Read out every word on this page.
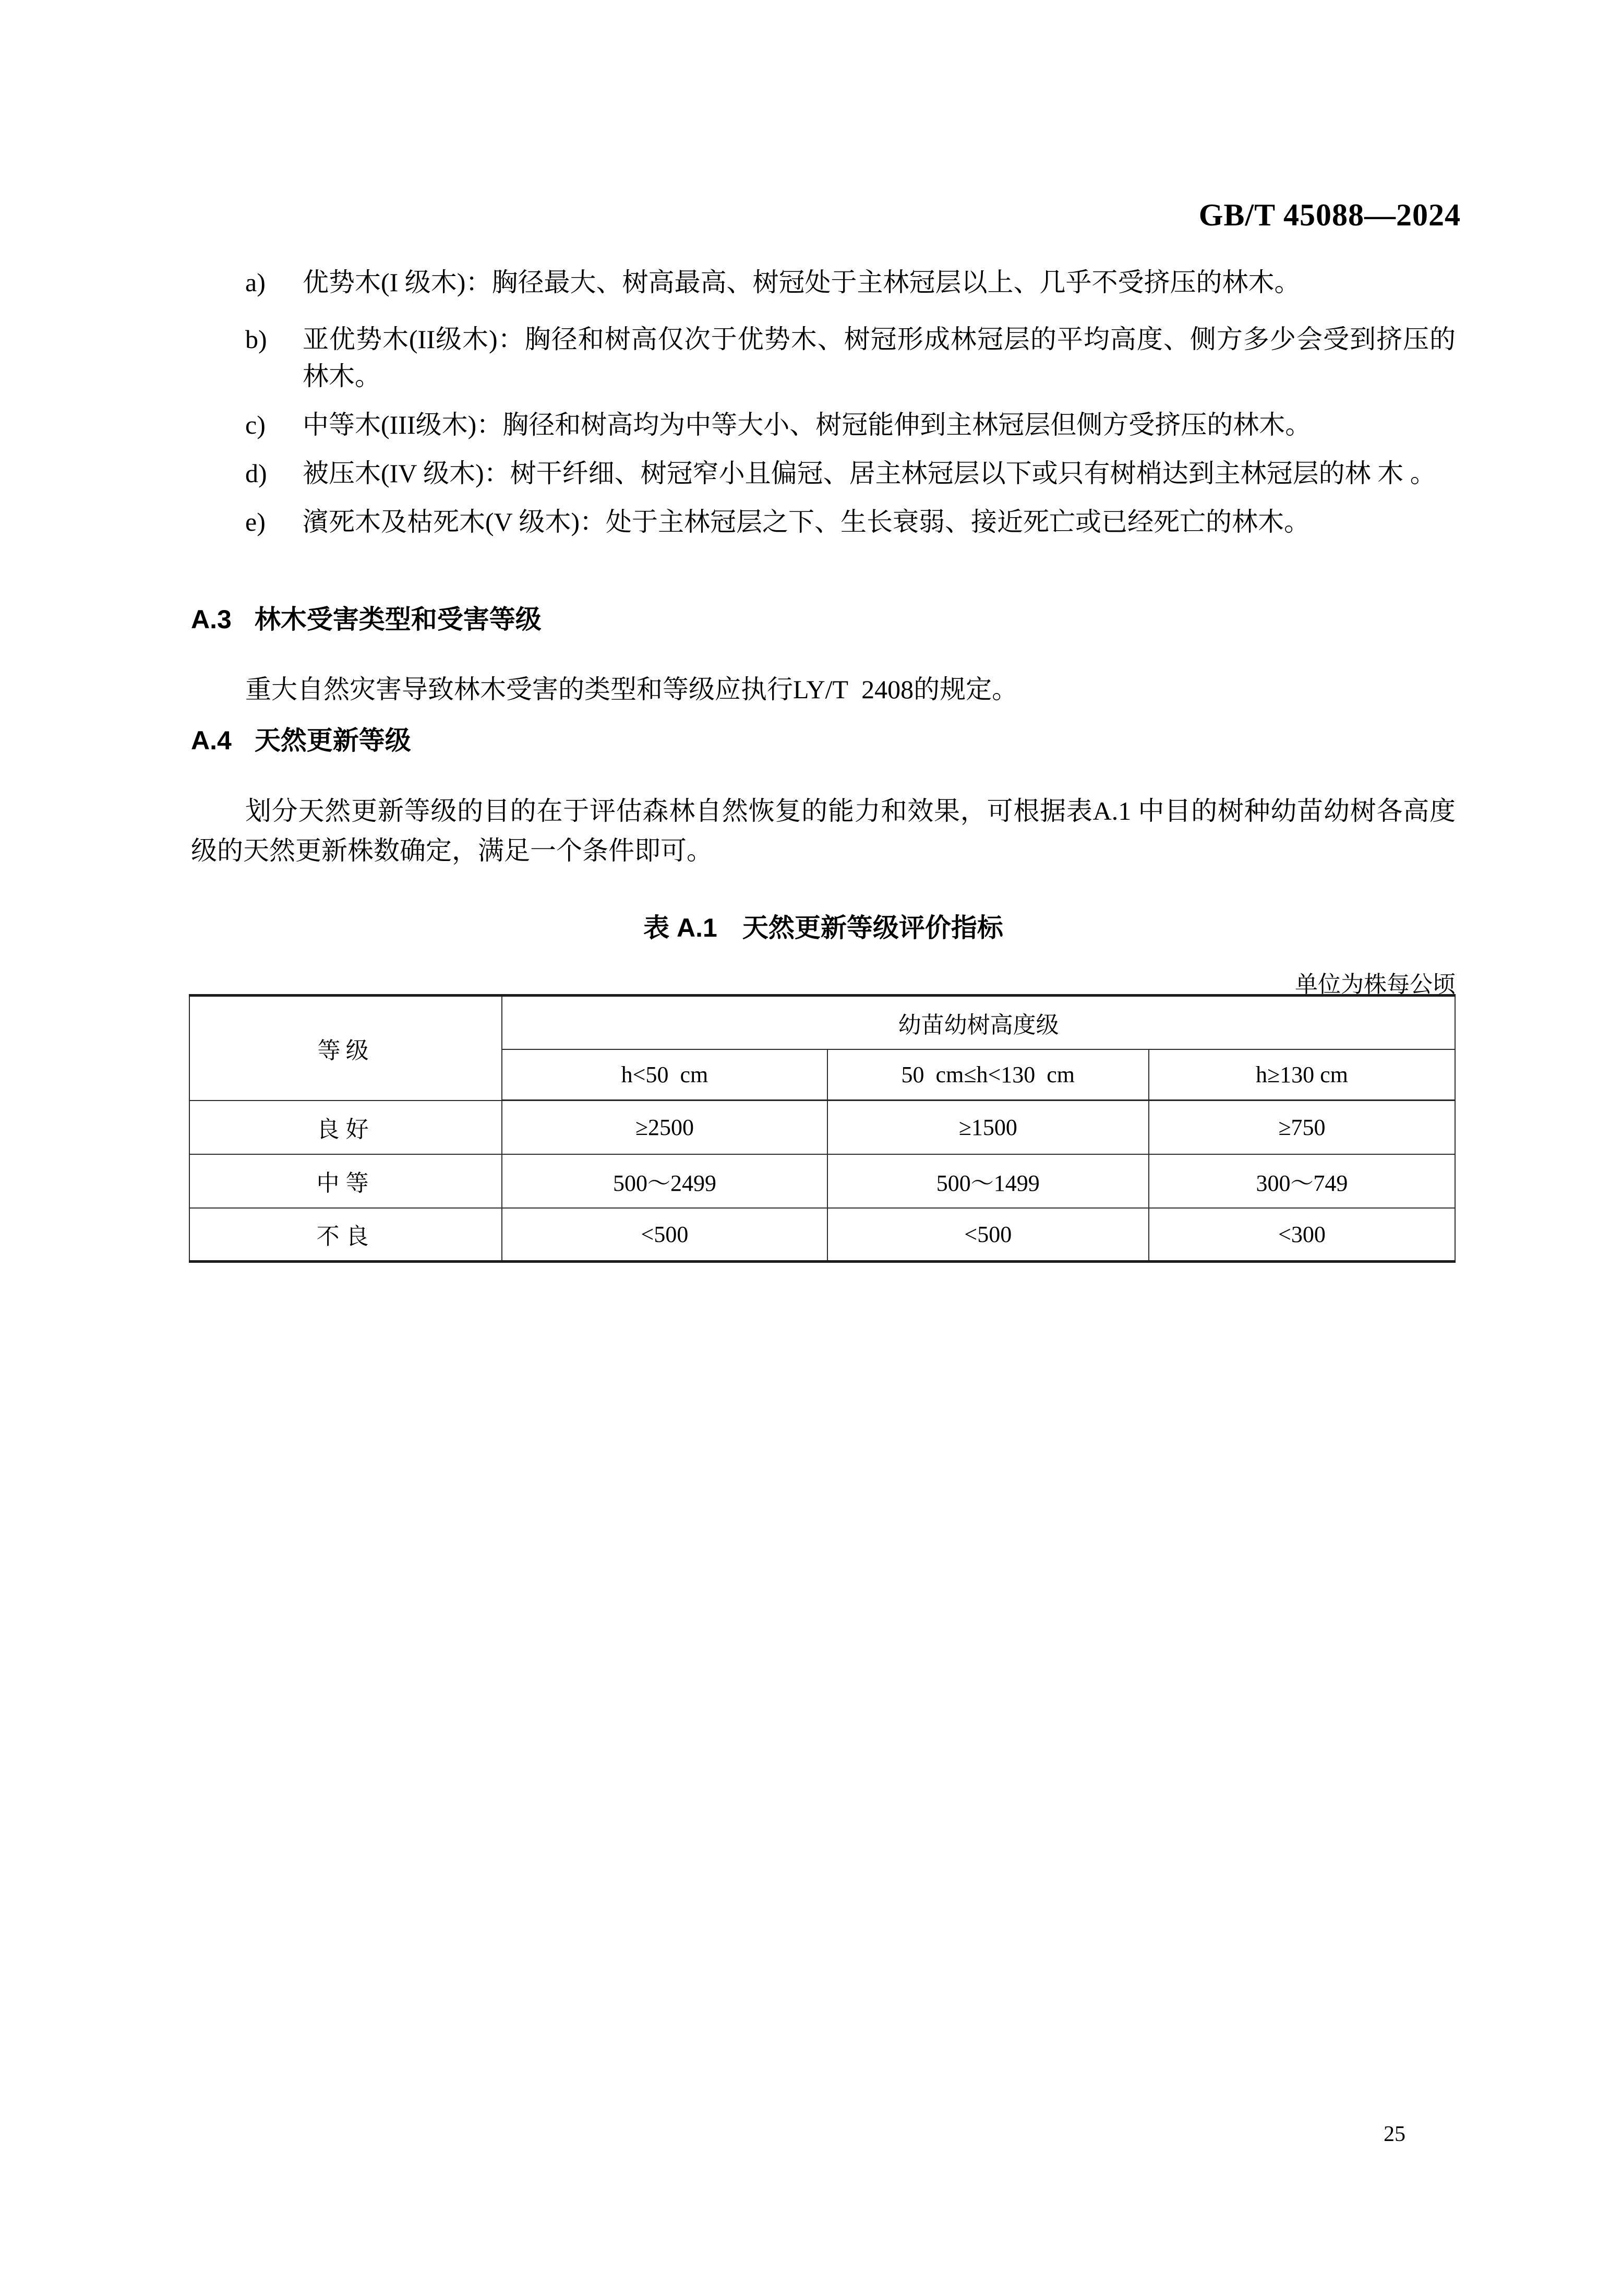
GB/T 45088—2024
a) 优势木(I 级木)：胸径最大、树高最高、树冠处于主林冠层以上、几乎不受挤压的林木。
b) 亚优势木(II级木)：胸径和树高仅次于优势木、树冠形成林冠层的平均高度、侧方多少会受到挤压的林木。
c) 中等木(III级木)：胸径和树高均为中等大小、树冠能伸到主林冠层但侧方受挤压的林木。
d) 被压木(IV 级木)：树干纤细、树冠窄小且偏冠、居主林冠层以下或只有树梢达到主林冠层的林 木 。
e) 濱死木及枯死木(V 级木)：处于主林冠层之下、生长衰弱、接近死亡或已经死亡的林木。
A.3 林木受害类型和受害等级
重大自然灾害导致林木受害的类型和等级应执行LY/T  2408的规定。
A.4 天然更新等级
划分天然更新等级的目的在于评估森林自然恢复的能力和效果，可根据表A.1 中目的树种幼苗幼树各高度级的天然更新株数确定，满足一个条件即可。
表 A.1 天然更新等级评价指标
单位为株每公顷
等级	幼苗幼树高度级		
	h<50  cm	50  cm≤h<130  cm	h≥130 cm
良好	≥2500	≥1500	≥750
中等	500～2499	500～1499	300～749
不良	<500	<500	<300
25
